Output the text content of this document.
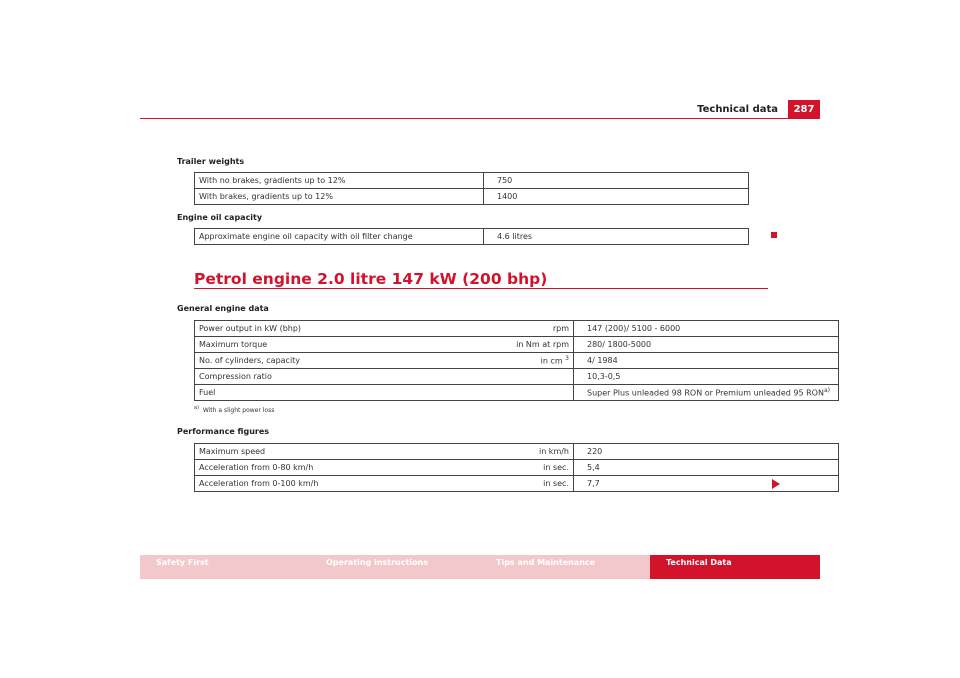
Technical data	287
Trailer weights
With no brakes, gradients up to 12%	750
With brakes, gradients up to 12%	1400
Engine oil capacity
Approximate engine oil capacity with oil filter change	4.6 litres
Petrol engine 2.0 litre 147 kW (200 bhp)
General engine data
Power output in kW (bhp)	rpm	147 (200)/ 5100 - 6000
Maximum torque	in Nm at rpm	280/ 1800-5000
No. of cylinders, capacity	in cm $^3$	4/ 1984
Compression ratio		10,3-0,5
Fuel		Super Plus unleaded 98 RON or Premium unleaded 95 RON$^{a)}$
$^{a)}$ With a slight power loss
Performance figures
Maximum speed	in km/h	220
Acceleration from 0-80 km/h	in sec.	5,4
Acceleration from 0-100 km/h	in sec.	7,7
Safety First	Operating instructions	Tips and Maintenance	Technical Data
